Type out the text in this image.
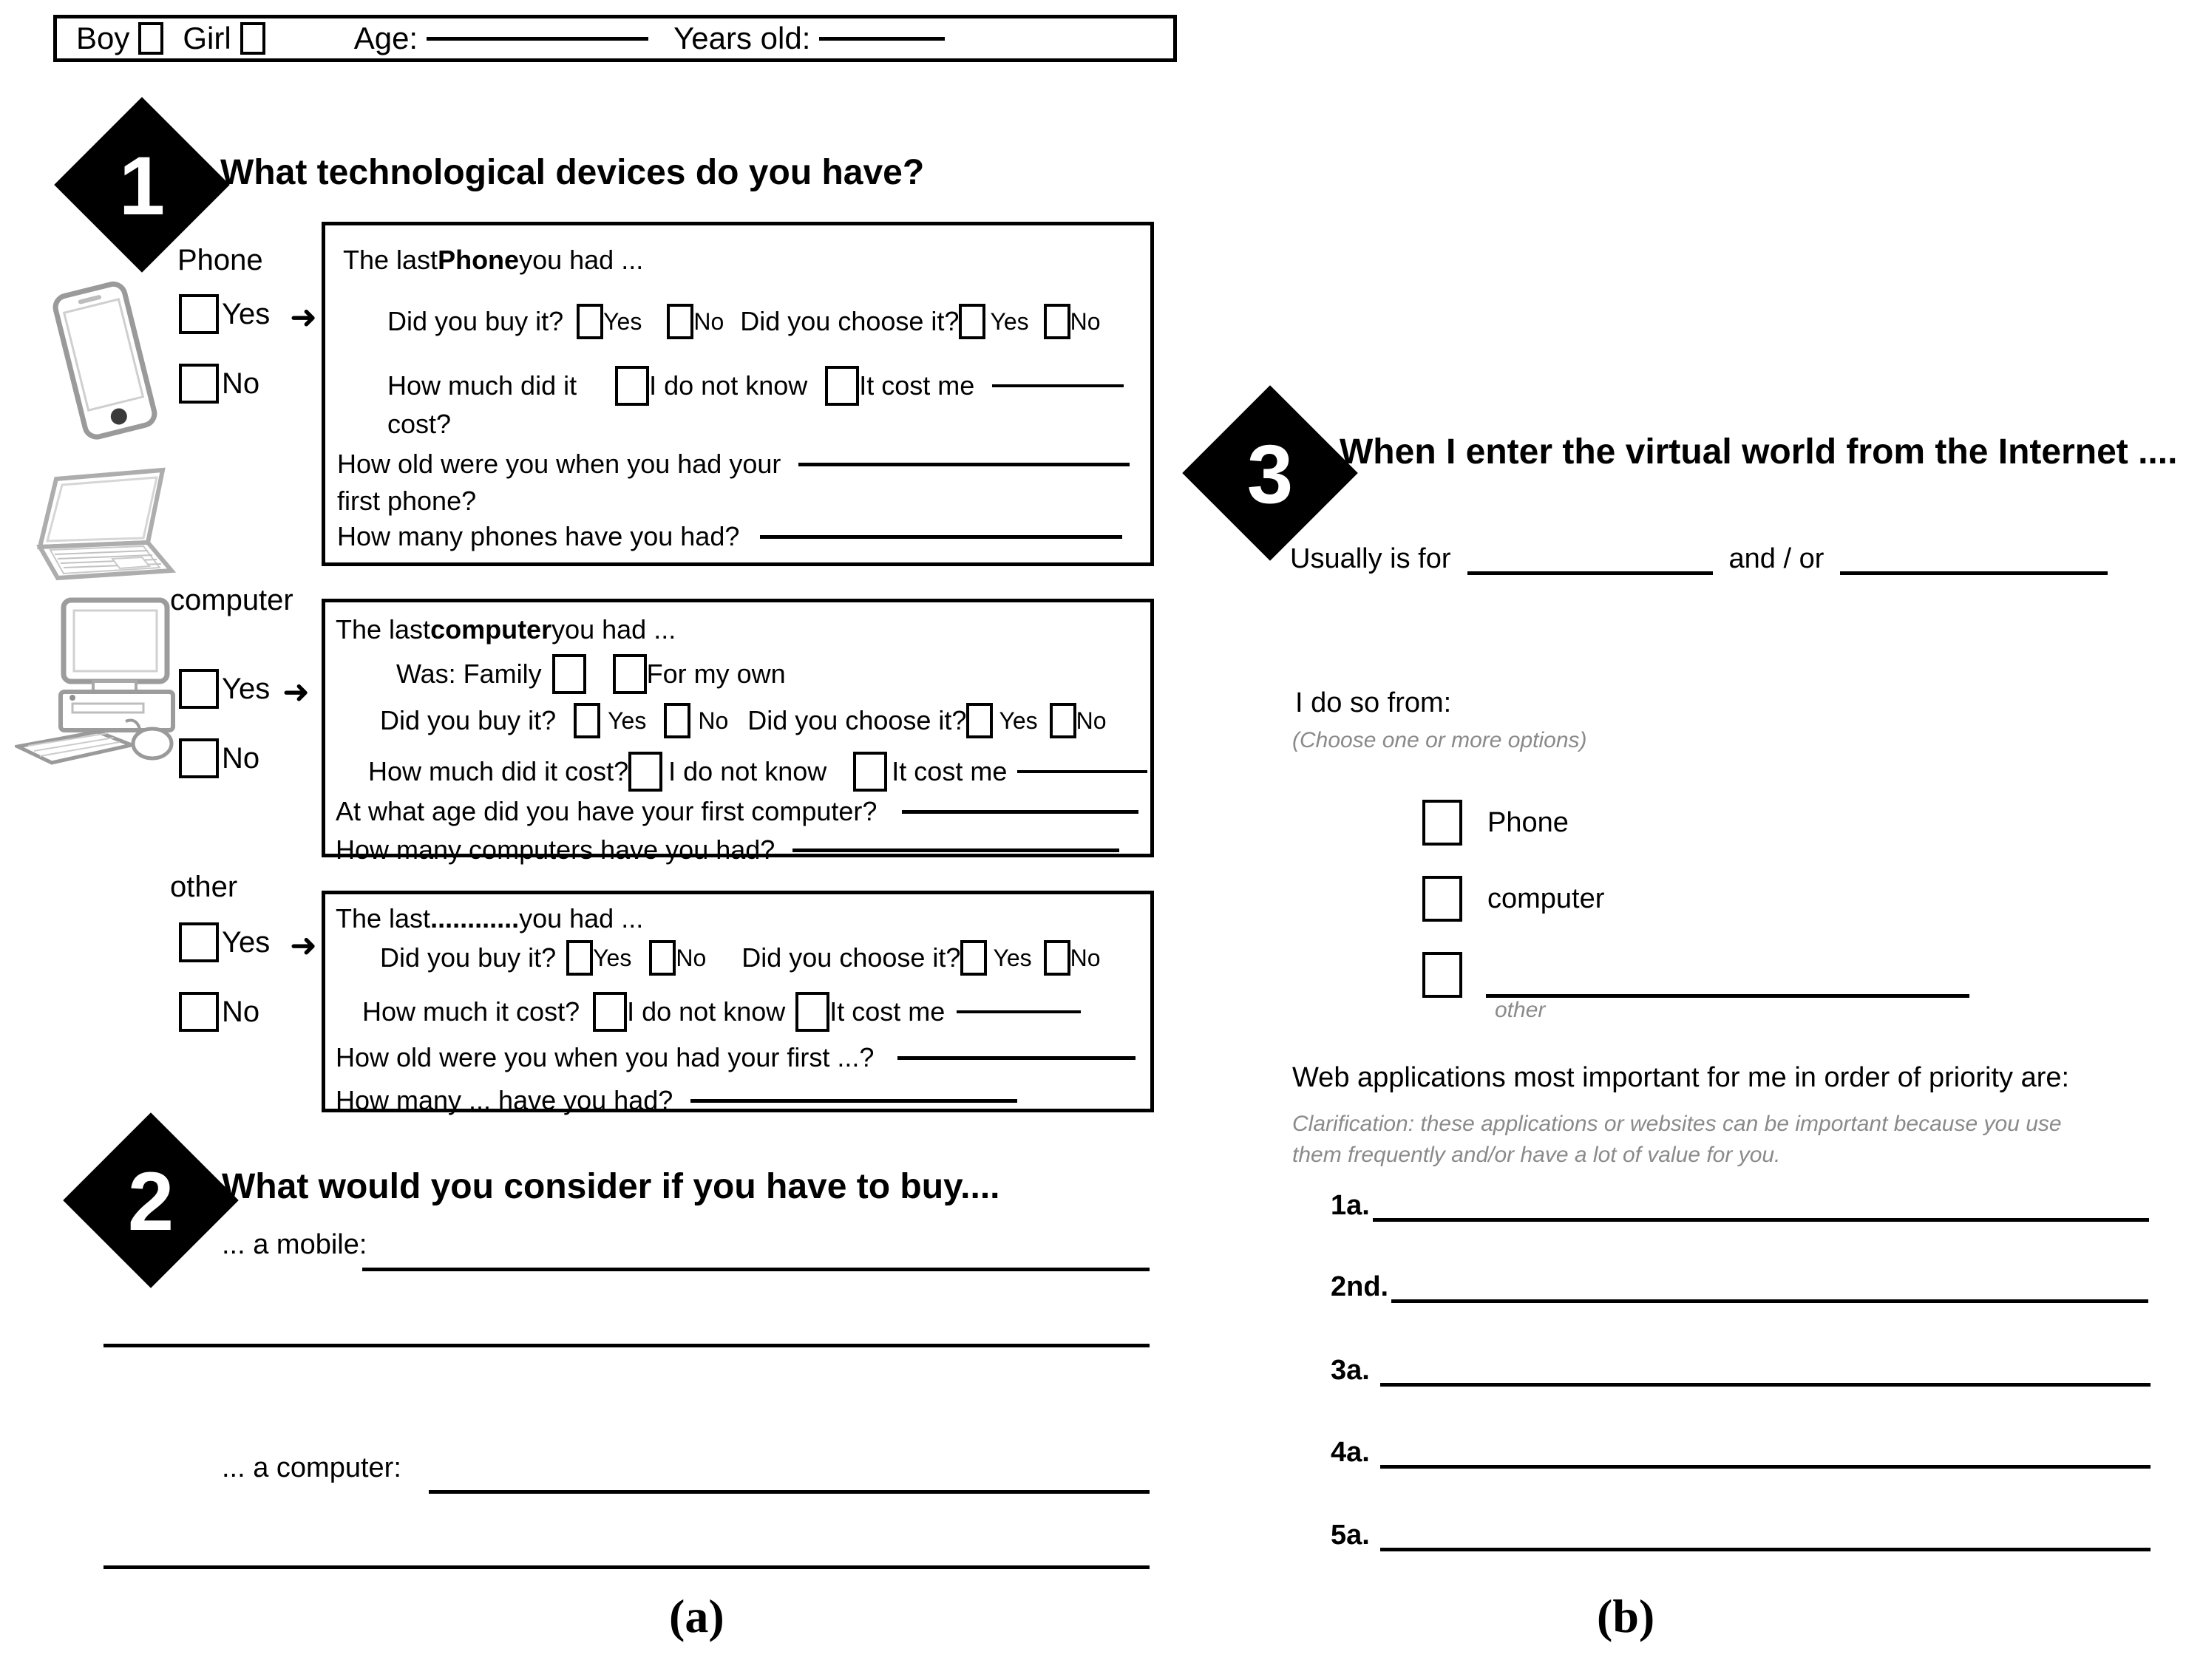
Boy Girl	Age:	Years old:
1	What technological devices do you have?
Phone
Yes
No
➜
computer
Yes
No
➜
other
Yes
No
➜
The last Phone you had ...
Did you buy it? Yes No Did you choose it? Yes No
How much did it	I do not know It cost me
cost?
How old were you when you had your
first phone?
How many phones have you had?
The last computer you had ...
Was: Family	For my own
Did you buy it? Yes No Did you choose it? Yes No
How much did it cost? I do not know It cost me
At what age did you have your first computer?
How many computers have you had?
The last ............ you had ...
Did you buy it? Yes No Did you choose it? Yes No
How much it cost? I do not know It cost me
How old were you when you had your first ...?
How many ... have you had?
2	What would you consider if you have to buy....
... a mobile:
... a computer:
3	When I enter the virtual world from the Internet ....
Usually is for	and / or
I do so from:
(Choose one or more options)
Phone
computer
other
Web applications most important for me in order of priority are:
Clarification: these applications or websites can be important because you use
them frequently and/or have a lot of value for you.
1a.
2nd.
3a.
4a.
5a.
(a)	(b)
